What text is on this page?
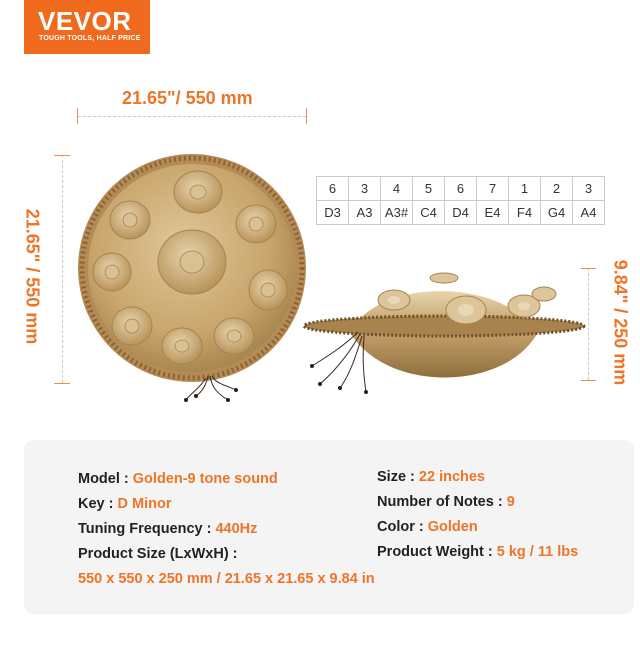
VEVOR
TOUGH TOOLS, HALF PRICE
21.65"/ 550 mm
21.65" / 550 mm	9.84" / 250 mm
6	3	4	5	6	7	1	2	3
D3	A3	A3#	C4	D4	E4	F4	G4	A4
Model : Golden-9 tone sound
Key : D Minor
Tuning Frequency : 440Hz
Product Size (LxWxH) :
550 x 550 x 250 mm / 21.65 x 21.65 x 9.84 in
Size : 22 inches
Number of Notes : 9
Color : Golden
Product Weight : 5 kg / 11 lbs
